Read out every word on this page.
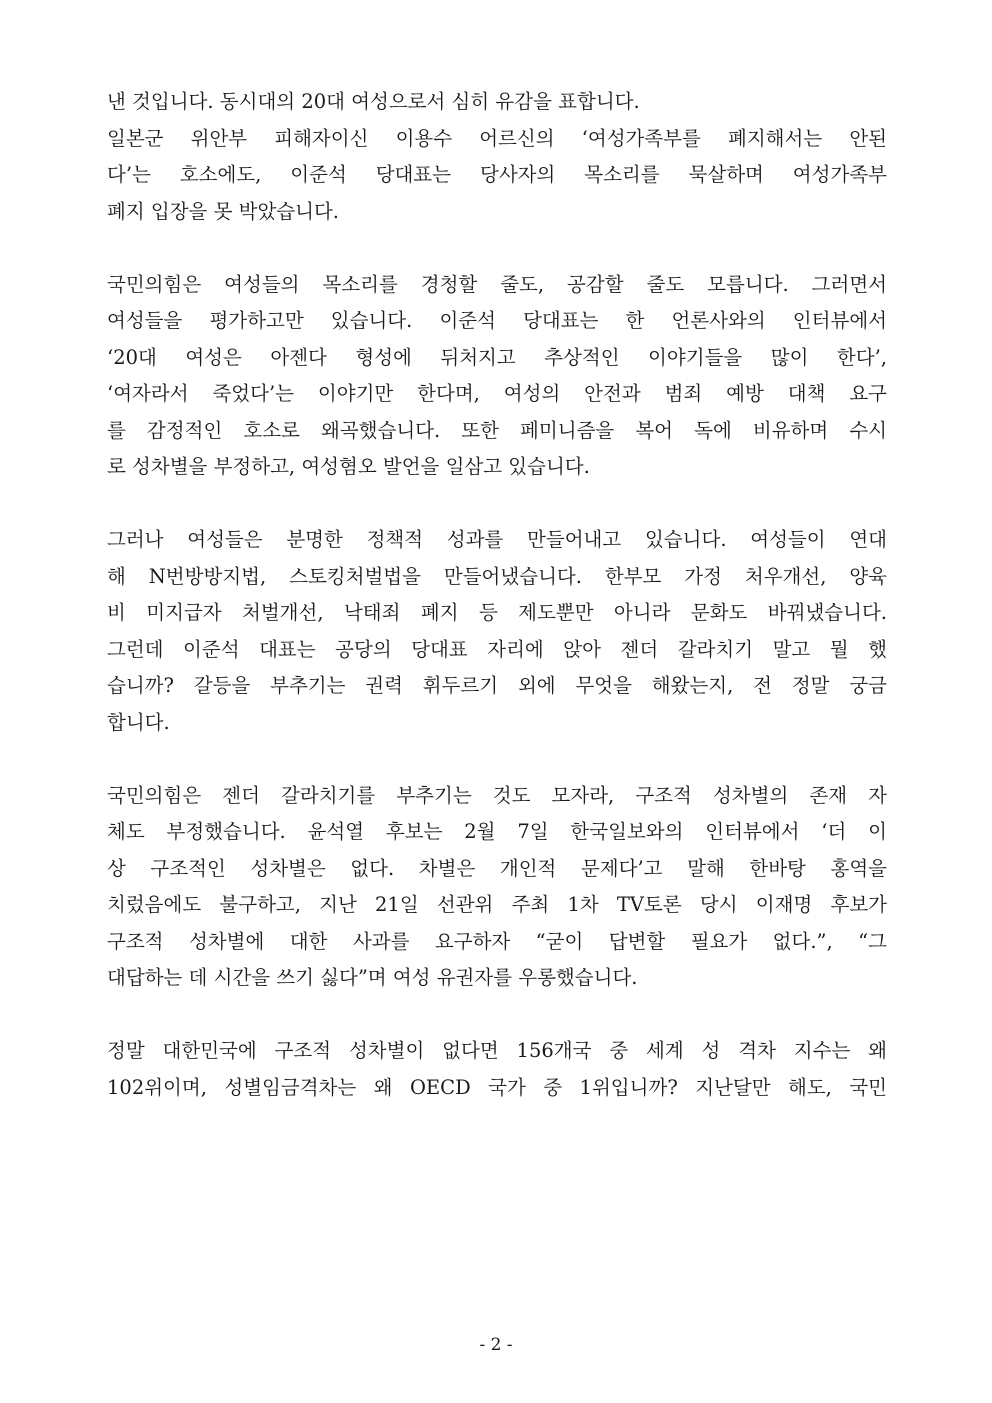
낸 것입니다. 동시대의 20대 여성으로서 심히 유감을 표합니다.
일본군 위안부 피해자이신 이용수 어르신의 ‘여성가족부를 폐지해서는 안된
다’는 호소에도, 이준석 당대표는 당사자의 목소리를 묵살하며 여성가족부
폐지 입장을 못 박았습니다.
국민의힘은 여성들의 목소리를 경청할 줄도, 공감할 줄도 모릅니다. 그러면서
여성들을 평가하고만 있습니다. 이준석 당대표는 한 언론사와의 인터뷰에서
‘20대 여성은 아젠다 형성에 뒤처지고 추상적인 이야기들을 많이 한다’,
‘여자라서 죽었다’는 이야기만 한다며, 여성의 안전과 범죄 예방 대책 요구
를 감정적인 호소로 왜곡했습니다. 또한 페미니즘을 복어 독에 비유하며 수시
로 성차별을 부정하고, 여성혐오 발언을 일삼고 있습니다.
그러나 여성들은 분명한 정책적 성과를 만들어내고 있습니다. 여성들이 연대
해 N번방방지법, 스토킹처벌법을 만들어냈습니다. 한부모 가정 처우개선, 양육
비 미지급자 처벌개선, 낙태죄 폐지 등 제도뿐만 아니라 문화도 바꿔냈습니다.
그런데 이준석 대표는 공당의 당대표 자리에 앉아 젠더 갈라치기 말고 뭘 했
습니까? 갈등을 부추기는 권력 휘두르기 외에 무엇을 해왔는지, 전 정말 궁금
합니다.
국민의힘은 젠더 갈라치기를 부추기는 것도 모자라, 구조적 성차별의 존재 자
체도 부정했습니다. 윤석열 후보는 2월 7일 한국일보와의 인터뷰에서 ‘더 이
상 구조적인 성차별은 없다. 차별은 개인적 문제다’고 말해 한바탕 홍역을
치렀음에도 불구하고, 지난 21일 선관위 주최 1차 TV토론 당시 이재명 후보가
구조적 성차별에 대한 사과를 요구하자 “굳이 답변할 필요가 없다.”, “그
대답하는 데 시간을 쓰기 싫다”며 여성 유권자를 우롱했습니다.
정말 대한민국에 구조적 성차별이 없다면 156개국 중 세계 성 격차 지수는 왜
102위이며, 성별임금격차는 왜 OECD 국가 중 1위입니까? 지난달만 해도, 국민
- 2 -
